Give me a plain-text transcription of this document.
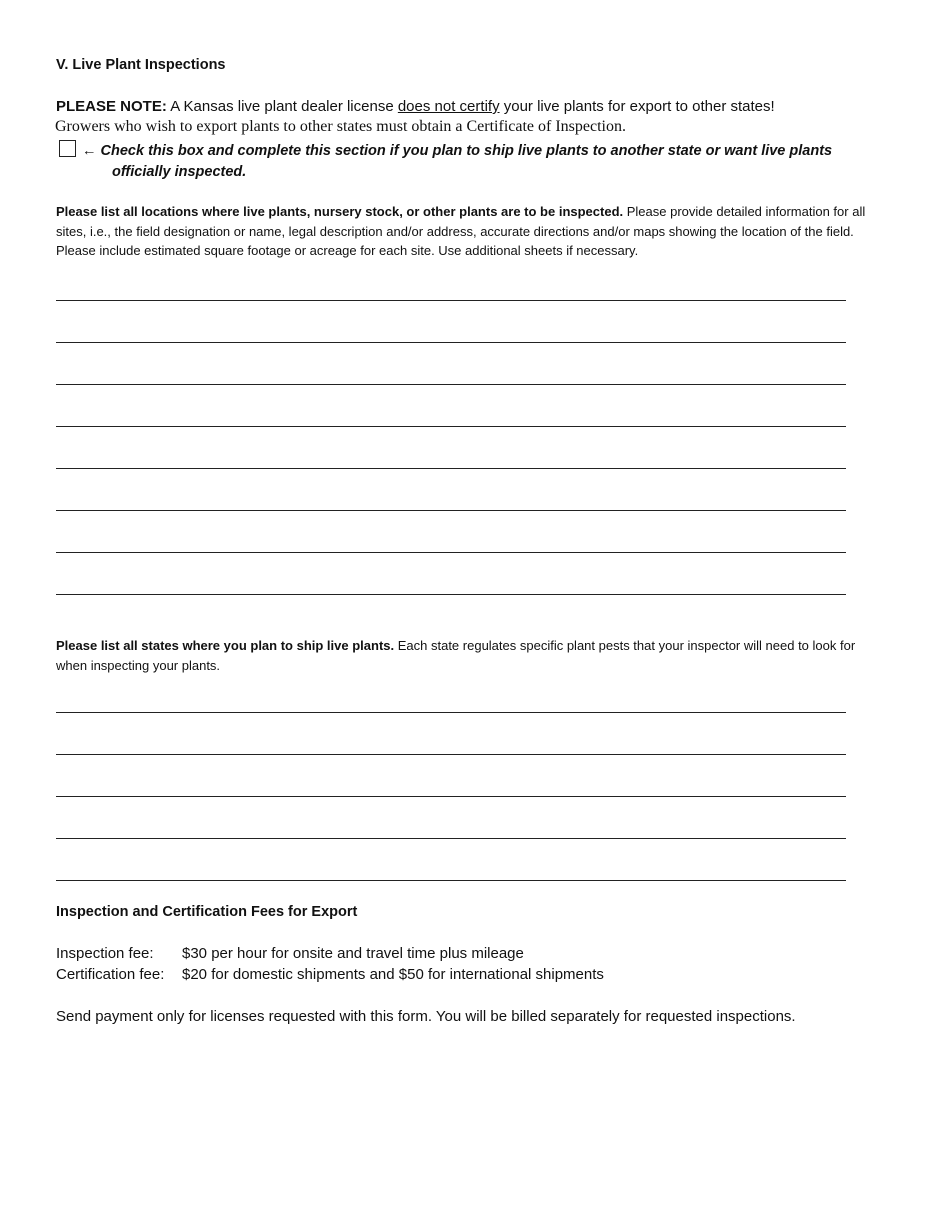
V. Live Plant Inspections
PLEASE NOTE: A Kansas live plant dealer license does not certify your live plants for export to other states!
Growers who wish to export plants to other states must obtain a Certificate of Inspection.
← Check this box and complete this section if you plan to ship live plants to another state or want live plants
officially inspected.
Please list all locations where live plants, nursery stock, or other plants are to be inspected. Please provide detailed information for all sites, i.e., the field designation or name, legal description and/or address, accurate directions and/or maps showing the location of the field. Please include estimated square footage or acreage for each site. Use additional sheets if necessary.
Please list all states where you plan to ship live plants. Each state regulates specific plant pests that your inspector will need to look for when inspecting your plants.
Inspection and Certification Fees for Export
Inspection fee: $30 per hour for onsite and travel time plus mileage
Certification fee: $20 for domestic shipments and $50 for international shipments
Send payment only for licenses requested with this form. You will be billed separately for requested inspections.
